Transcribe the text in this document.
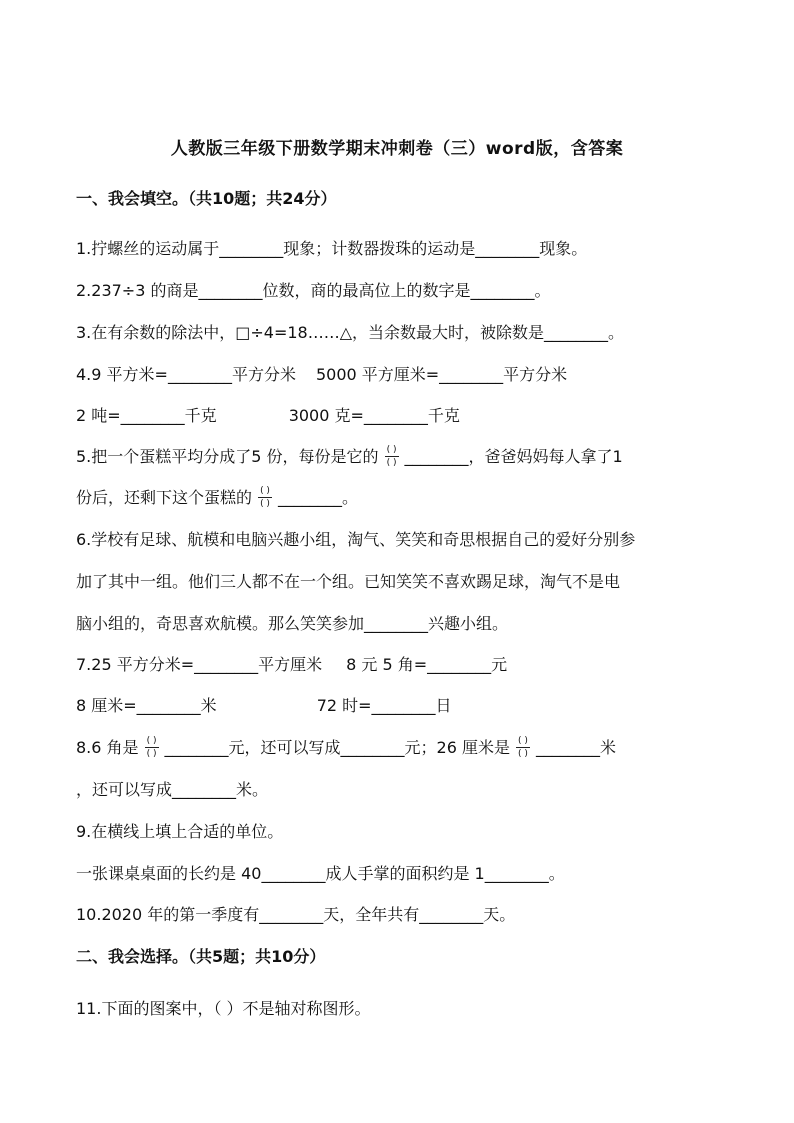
人教版三年级下册数学期末冲刺卷（三）word版，含答案
一、我会填空。（共10题；共24分）
1.拧螺丝的运动属于________现象；计数器拨珠的运动是________现象。
2.237÷3 的商是________位数，商的最高位上的数字是________。
3.在有余数的除法中，□÷4=18……△，当余数最大时，被除数是________。
4.9 平方米=________平方分米 5000 平方厘米=________平方分米
2 吨=________千克	3000 克=________千克
5.把一个蛋糕平均分成了5 份，每份是它的 $\frac{( )}{( )}$ ________，爸爸妈妈每人拿了1
份后，还剩下这个蛋糕的 $\frac{( )}{( )}$ ________。
6.学校有足球、航模和电脑兴趣小组，淘气、笑笑和奇思根据自己的爱好分别参
加了其中一组。他们三人都不在一个组。已知笑笑不喜欢踢足球，淘气不是电
脑小组的，奇思喜欢航模。那么笑笑参加________兴趣小组。
7.25 平方分米=________平方厘米 8 元 5 角=________元
8 厘米=________米	72 时=________日
8.6 角是 $\frac{( )}{( )}$ ________元，还可以写成________元；26 厘米是 $\frac{( )}{( )}$ ________米
，还可以写成________米。
9.在横线上填上合适的单位。
一张课桌桌面的长约是 40________成人手掌的面积约是 1________。
10.2020 年的第一季度有________天，全年共有________天。
二、我会选择。（共5题；共10分）
11.下面的图案中，（ ）不是轴对称图形。
